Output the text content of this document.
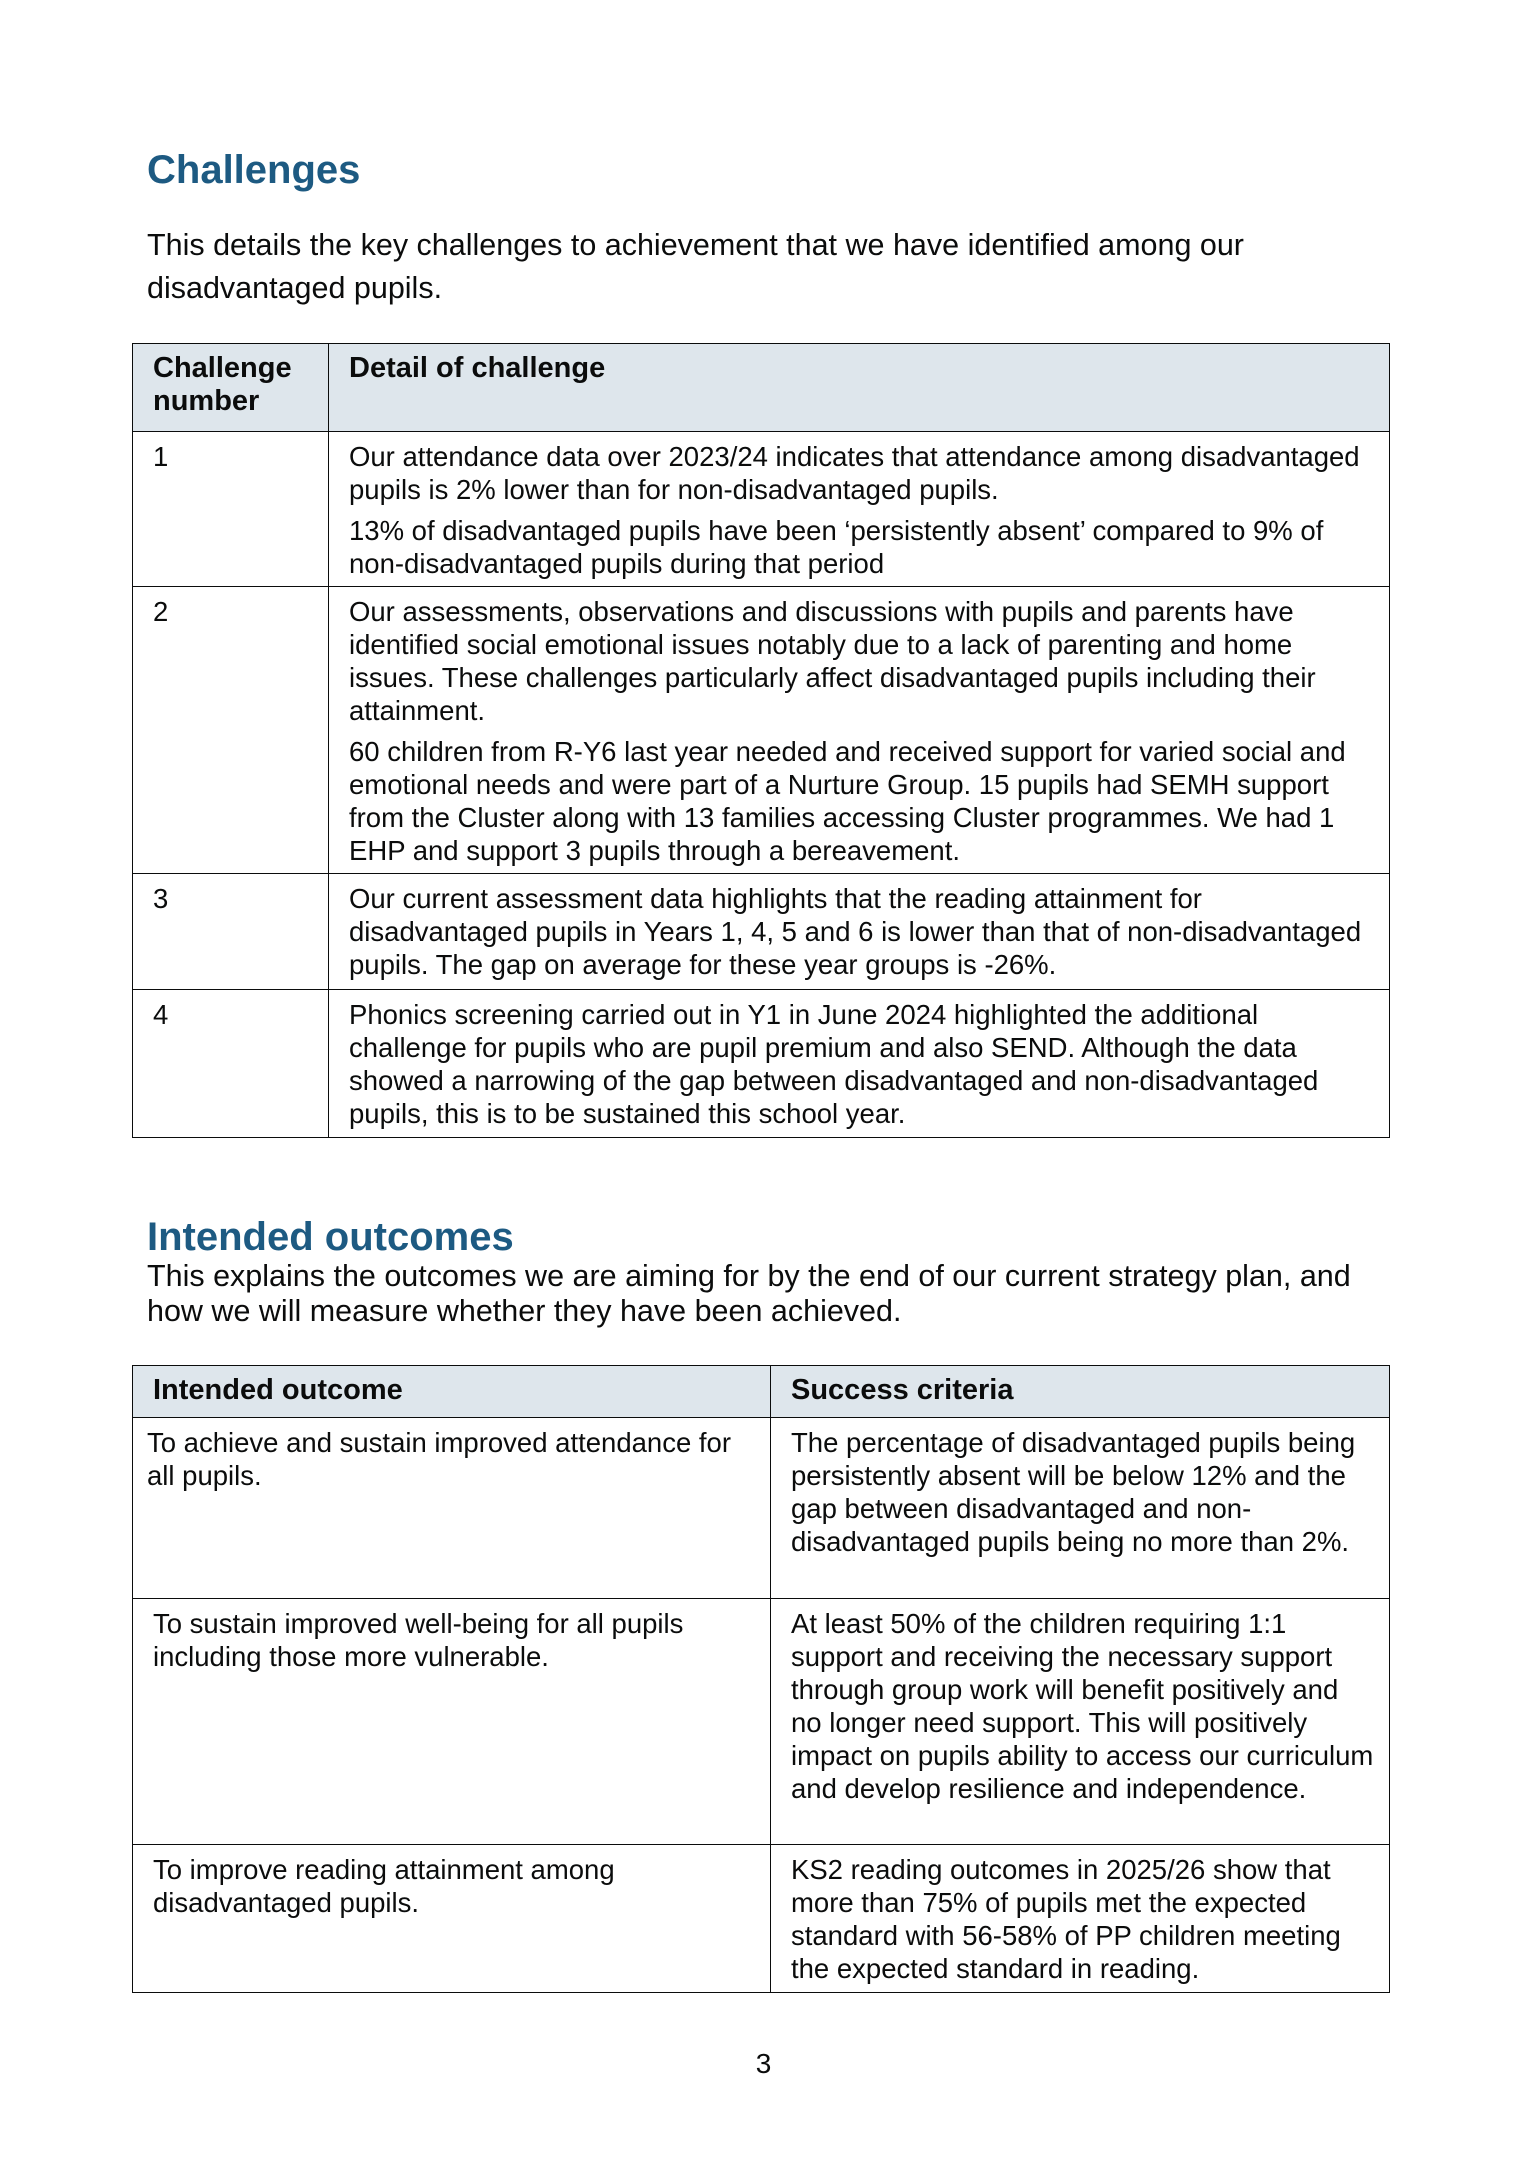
Challenges

This details the key challenges to achievement that we have identified among our disadvantaged pupils.

Challenge number	Detail of challenge
1	Our attendance data over 2023/24 indicates that attendance among disadvantaged pupils is 2% lower than for non-disadvantaged pupils.

13% of disadvantaged pupils have been ‘persistently absent’ compared to 9% of non-disadvantaged pupils during that period

2	Our assessments, observations and discussions with pupils and parents have identified social emotional issues notably due to a lack of parenting and home issues. These challenges particularly affect disadvantaged pupils including their attainment.

60 children from R-Y6 last year needed and received support for varied social and emotional needs and were part of a Nurture Group. 15 pupils had SEMH support from the Cluster along with 13 families accessing Cluster programmes. We had 1 EHP and support 3 pupils through a bereavement.

3	Our current assessment data highlights that the reading attainment for disadvantaged pupils in Years 1, 4, 5 and 6 is lower than that of non-disadvantaged pupils. The gap on average for these year groups is -26%.

4	Phonics screening carried out in Y1 in June 2024 highlighted the additional challenge for pupils who are pupil premium and also SEND. Although the data showed a narrowing of the gap between disadvantaged and non-disadvantaged pupils, this is to be sustained this school year.

Intended outcomes

This explains the outcomes we are aiming for by the end of our current strategy plan, and how we will measure whether they have been achieved.

Intended outcome	Success criteria
To achieve and sustain improved attendance for all pupils.	The percentage of disadvantaged pupils being persistently absent will be below 12% and the gap between disadvantaged and non-disadvantaged pupils being no more than 2%.
To sustain improved well-being for all pupils including those more vulnerable.	At least 50% of the children requiring 1:1 support and receiving the necessary support through group work will benefit positively and no longer need support. This will positively impact on pupils ability to access our curriculum and develop resilience and independence.
To improve reading attainment among disadvantaged pupils.	KS2 reading outcomes in 2025/26 show that more than 75% of pupils met the expected standard with 56-58% of PP children meeting the expected standard in reading.
3
